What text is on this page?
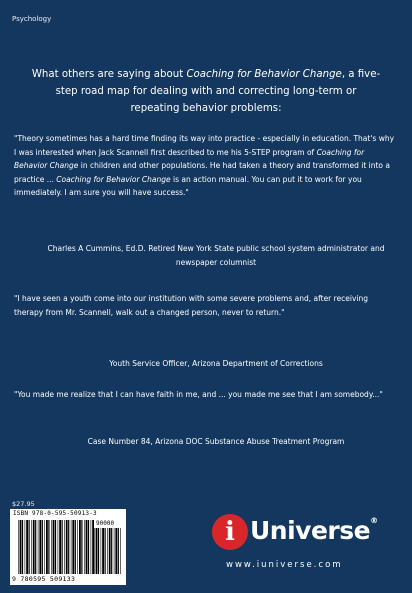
Psychology
What others are saying about Coaching for Behavior Change, a five-step road map for dealing with and correcting long-term or repeating behavior problems:
"Theory sometimes has a hard time finding its way into practice - especially in education. That's why I was interested when Jack Scannell first described to me his 5-STEP program of Coaching for Behavior Change in children and other populations. He had taken a theory and transformed it into a practice ... Coaching for Behavior Change is an action manual. You can put it to work for you immediately. I am sure you will have success."
Charles A Cummins, Ed.D. Retired New York State public school system administrator and newspaper columnist
"I have seen a youth come into our institution with some severe problems and, after receiving therapy from Mr. Scannell, walk out a changed person, never to return."
Youth Service Officer, Arizona Department of Corrections
"You made me realize that I can have faith in me, and ... you made me see that I am somebody..."
Case Number 84, Arizona DOC Substance Abuse Treatment Program
$27.95
ISBN 978-0-595-50913-3
90000
9 780595 509133
i Universe®
www.iuniverse.com
